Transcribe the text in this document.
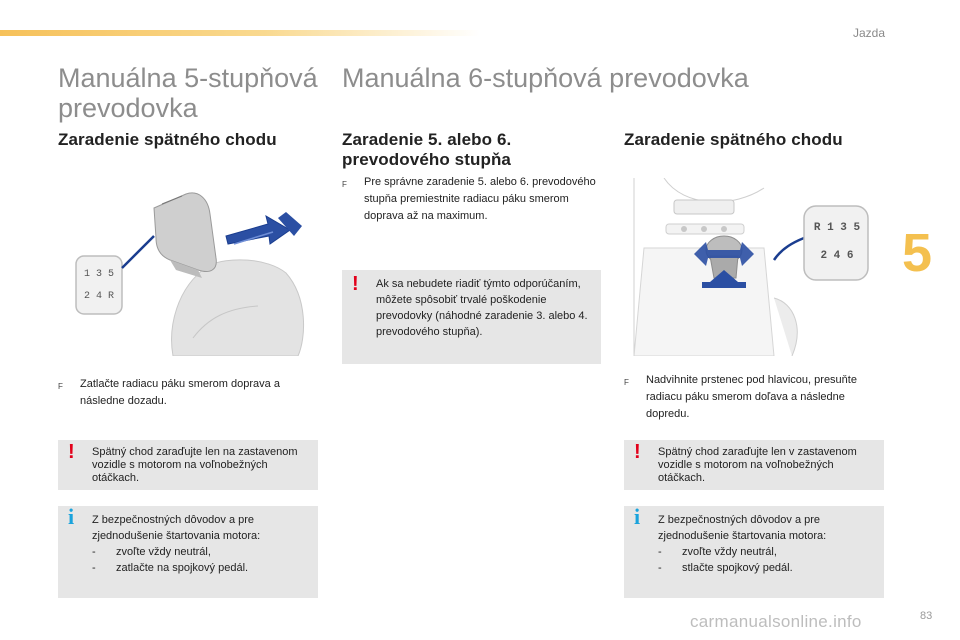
Jazda
5
Manuálna 5-stupňová prevodovka
Zaradenie spätného chodu
1 3 5
2 4 R
F	Zatlačte radiacu páku smerom doprava a následne dozadu.
! Spätný chod zaraďujte len na zastavenom vozidle s motorom na voľnobežných otáčkach.
i Z bezpečnostných dôvodov a pre zjednodušenie štartovania motora:
-	zvoľte vždy neutrál,
-	zatlačte na spojkový pedál.
Manuálna 6-stupňová prevodovka
Zaradenie 5. alebo 6. prevodového stupňa
F	Pre správne zaradenie 5. alebo 6. prevodového stupňa premiestnite radiacu páku smerom doprava až na maximum.
! Ak sa nebudete riadiť týmto odporúčaním, môžete spôsobiť trvalé poškodenie prevodovky (náhodné zaradenie 3. alebo 4. prevodového stupňa).
Zaradenie spätného chodu
R 1 3 5
2 4 6
F	Nadvihnite prstenec pod hlavicou, presuňte radiacu páku smerom doľava a následne dopredu.
! Spätný chod zaraďujte len v zastavenom vozidle s motorom na voľnobežných otáčkach.
i Z bezpečnostných dôvodov a pre zjednodušenie štartovania motora:
-	zvoľte vždy neutrál,
-	stlačte spojkový pedál.
carmanualsonline.info	83
